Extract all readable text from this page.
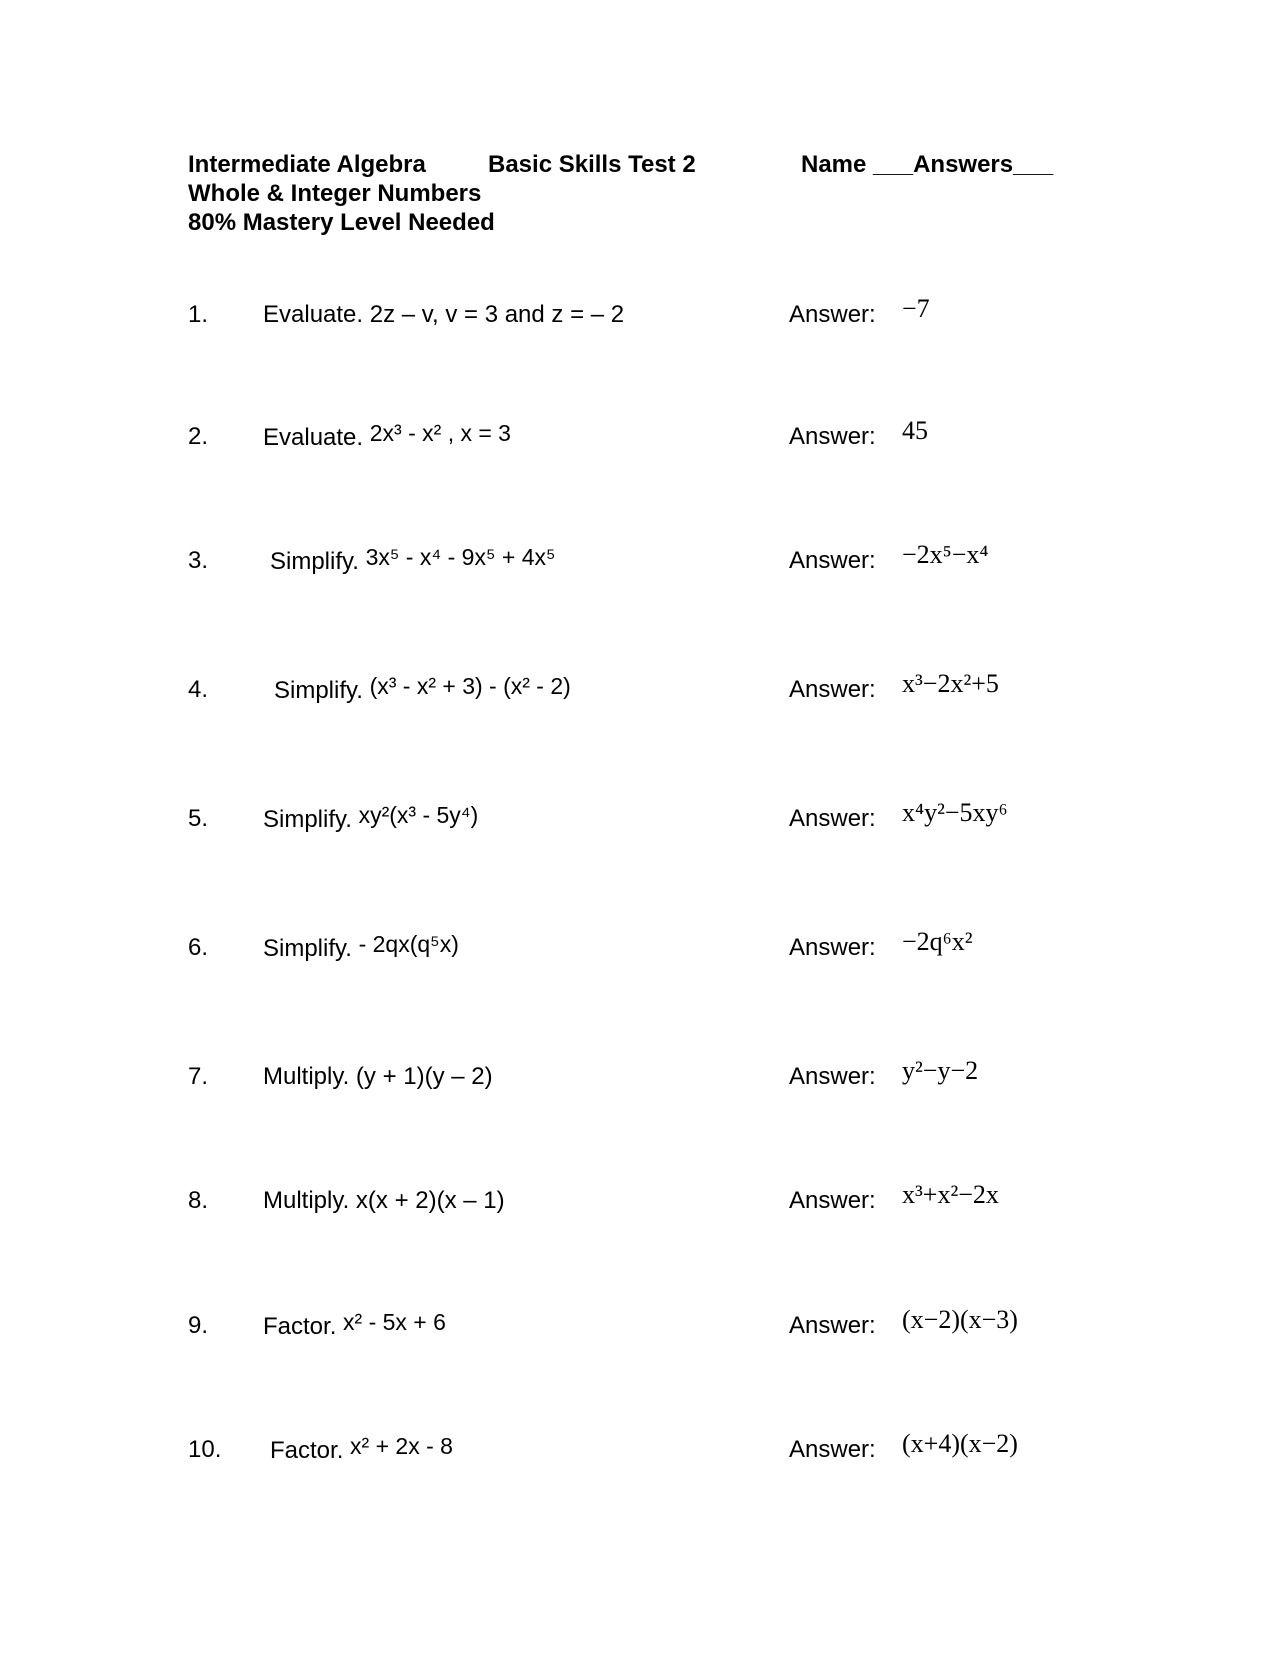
Intermediate Algebra	Basic Skills Test 2	Name ___Answers___
Whole & Integer Numbers
80% Mastery Level Needed
1. Evaluate. 2z – v, v = 3 and z = – 2	Answer: −7
2. Evaluate. 2x³ - x² , x = 3	Answer: 45
3.	Simplify. 3x⁵ - x⁴ - 9x⁵ + 4x⁵	Answer: −2x⁵−x⁴
4.	Simplify. (x³ - x² + 3) - (x² - 2)	Answer: x³−2x²+5
5. Simplify. xy²(x³ - 5y⁴)	Answer: x⁴y²−5xy⁶
6. Simplify. - 2qx(q⁵x)	Answer: −2q⁶x²
7. Multiply. (y + 1)(y – 2)	Answer: y²−y−2
8. Multiply. x(x + 2)(x – 1)	Answer: x³+x²−2x
9. Factor. x² - 5x + 6	Answer: (x−2)(x−3)
10. Factor. x² + 2x - 8	Answer: (x+4)(x−2)
